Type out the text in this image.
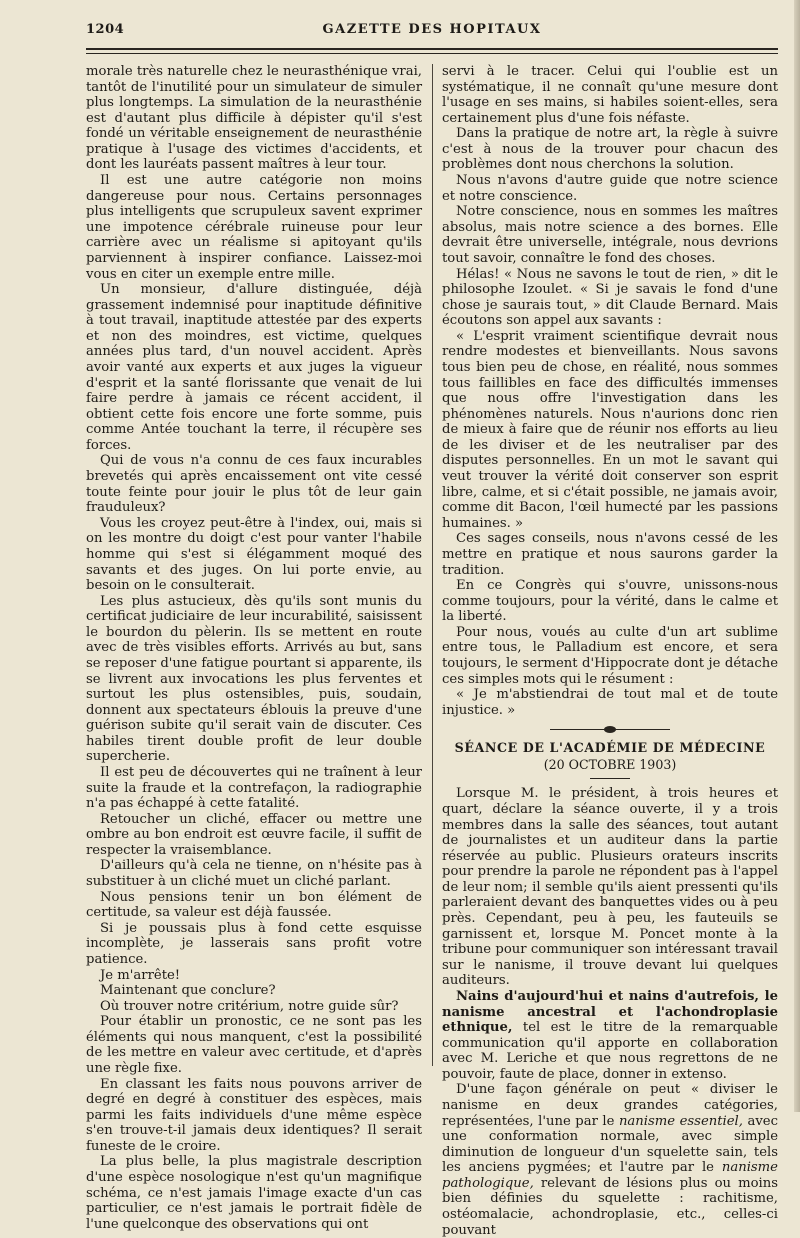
1204	GAZETTE DES HOPITAUX

morale très naturelle chez le neurasthénique vrai, tantôt de l'inutilité pour un simulateur de simuler plus longtemps. La simulation de la neurasthénie est d'autant plus difficile à dépister qu'il s'est fondé un véritable enseignement de neurasthénie pratique à l'usage des victimes d'accidents, et dont les lauréats passent maîtres à leur tour.

Il est une autre catégorie non moins dangereuse pour nous. Certains personnages plus intelligents que scrupuleux savent exprimer une impotence cérébrale ruineuse pour leur carrière avec un réalisme si apitoyant qu'ils parviennent à inspirer confiance. Laissez-moi vous en citer un exemple entre mille.

Un monsieur, d'allure distinguée, déjà grassement indemnisé pour inaptitude définitive à tout travail, inaptitude attestée par des experts et non des moindres, est victime, quelques années plus tard, d'un nouvel accident. Après avoir vanté aux experts et aux juges la vigueur d'esprit et la santé florissante que venait de lui faire perdre à jamais ce récent accident, il obtient cette fois encore une forte somme, puis comme Antée touchant la terre, il récupère ses forces.

Qui de vous n'a connu de ces faux incurables brevetés qui après encaissement ont vite cessé toute feinte pour jouir le plus tôt de leur gain frauduleux?

Vous les croyez peut-être à l'index, oui, mais si on les montre du doigt c'est pour vanter l'habile homme qui s'est si élégamment moqué des savants et des juges. On lui porte envie, au besoin on le consulterait.

Les plus astucieux, dès qu'ils sont munis du certificat judiciaire de leur incurabilité, saisissent le bourdon du pèlerin. Ils se mettent en route avec de très visibles efforts. Arrivés au but, sans se reposer d'une fatigue pourtant si apparente, ils se livrent aux invocations les plus ferventes et surtout les plus ostensibles, puis, soudain, donnent aux spectateurs éblouis la preuve d'une guérison subite qu'il serait vain de discuter. Ces habiles tirent double profit de leur double supercherie.

Il est peu de découvertes qui ne traînent à leur suite la fraude et la contrefaçon, la radiographie n'a pas échappé à cette fatalité.

Retoucher un cliché, effacer ou mettre une ombre au bon endroit est œuvre facile, il suffit de respecter la vraisemblance.

D'ailleurs qu'à cela ne tienne, on n'hésite pas à substituer à un cliché muet un cliché parlant.

Nous pensions tenir un bon élément de certitude, sa valeur est déjà faussée.

Si je poussais plus à fond cette esquisse incomplète, je lasserais sans profit votre patience.

Je m'arrête!

Maintenant que conclure?

Où trouver notre critérium, notre guide sûr?

Pour établir un pronostic, ce ne sont pas les éléments qui nous manquent, c'est la possibilité de les mettre en valeur avec certitude, et d'après une règle fixe.

En classant les faits nous pouvons arriver de degré en degré à constituer des espèces, mais parmi les faits individuels d'une même espèce s'en trouve-t-il jamais deux identiques? Il serait funeste de le croire.

La plus belle, la plus magistrale description d'une espèce nosologique n'est qu'un magnifique schéma, ce n'est jamais l'image exacte d'un cas particulier, ce n'est jamais le portrait fidèle de l'une quelconque des observations qui ont

servi à le tracer. Celui qui l'oublie est un systématique, il ne connaît qu'une mesure dont l'usage en ses mains, si habiles soient-elles, sera certainement plus d'une fois néfaste.

Dans la pratique de notre art, la règle à suivre c'est à nous de la trouver pour chacun des problèmes dont nous cherchons la solution.

Nous n'avons d'autre guide que notre science et notre conscience.

Notre conscience, nous en sommes les maîtres absolus, mais notre science a des bornes. Elle devrait être universelle, intégrale, nous devrions tout savoir, connaître le fond des choses.

Hélas! « Nous ne savons le tout de rien, » dit le philosophe Izoulet. « Si je savais le fond d'une chose je saurais tout, » dit Claude Bernard. Mais écoutons son appel aux savants :

« L'esprit vraiment scientifique devrait nous rendre modestes et bienveillants. Nous savons tous bien peu de chose, en réalité, nous sommes tous faillibles en face des difficultés immenses que nous offre l'investigation dans les phénomènes naturels. Nous n'aurions donc rien de mieux à faire que de réunir nos efforts au lieu de les diviser et de les neutraliser par des disputes personnelles. En un mot le savant qui veut trouver la vérité doit conserver son esprit libre, calme, et si c'était possible, ne jamais avoir, comme dit Bacon, l'œil humecté par les passions humaines. »

Ces sages conseils, nous n'avons cessé de les mettre en pratique et nous saurons garder la tradition.

En ce Congrès qui s'ouvre, unissons-nous comme toujours, pour la vérité, dans le calme et la liberté.

Pour nous, voués au culte d'un art sublime entre tous, le Palladium est encore, et sera toujours, le serment d'Hippocrate dont je détache ces simples mots qui le résument :

« Je m'abstiendrai de tout mal et de toute injustice. »

SÉANCE DE L'ACADÉMIE DE MÉDECINE
(20 OCTOBRE 1903)

Lorsque M. le président, à trois heures et quart, déclare la séance ouverte, il y a trois membres dans la salle des séances, tout autant de journalistes et un auditeur dans la partie réservée au public. Plusieurs orateurs inscrits pour prendre la parole ne répondent pas à l'appel de leur nom; il semble qu'ils aient pressenti qu'ils parleraient devant des banquettes vides ou à peu près. Cependant, peu à peu, les fauteuils se garnissent et, lorsque M. Poncet monte à la tribune pour communiquer son intéressant travail sur le nanisme, il trouve devant lui quelques auditeurs.

Nains d'aujourd'hui et nains d'autrefois, le nanisme ancestral et l'achondroplasie ethnique, tel est le titre de la remarquable communication qu'il apporte en collaboration avec M. Leriche et que nous regrettons de ne pouvoir, faute de place, donner in extenso.

D'une façon générale on peut « diviser le nanisme en deux grandes catégories, représentées, l'une par le nanisme essentiel, avec une conformation normale, avec simple diminution de longueur d'un squelette sain, tels les anciens pygmées; et l'autre par le nanisme pathologique, relevant de lésions plus ou moins bien définies du squelette : rachitisme, ostéomalacie, achondroplasie, etc., celles-ci pouvant
